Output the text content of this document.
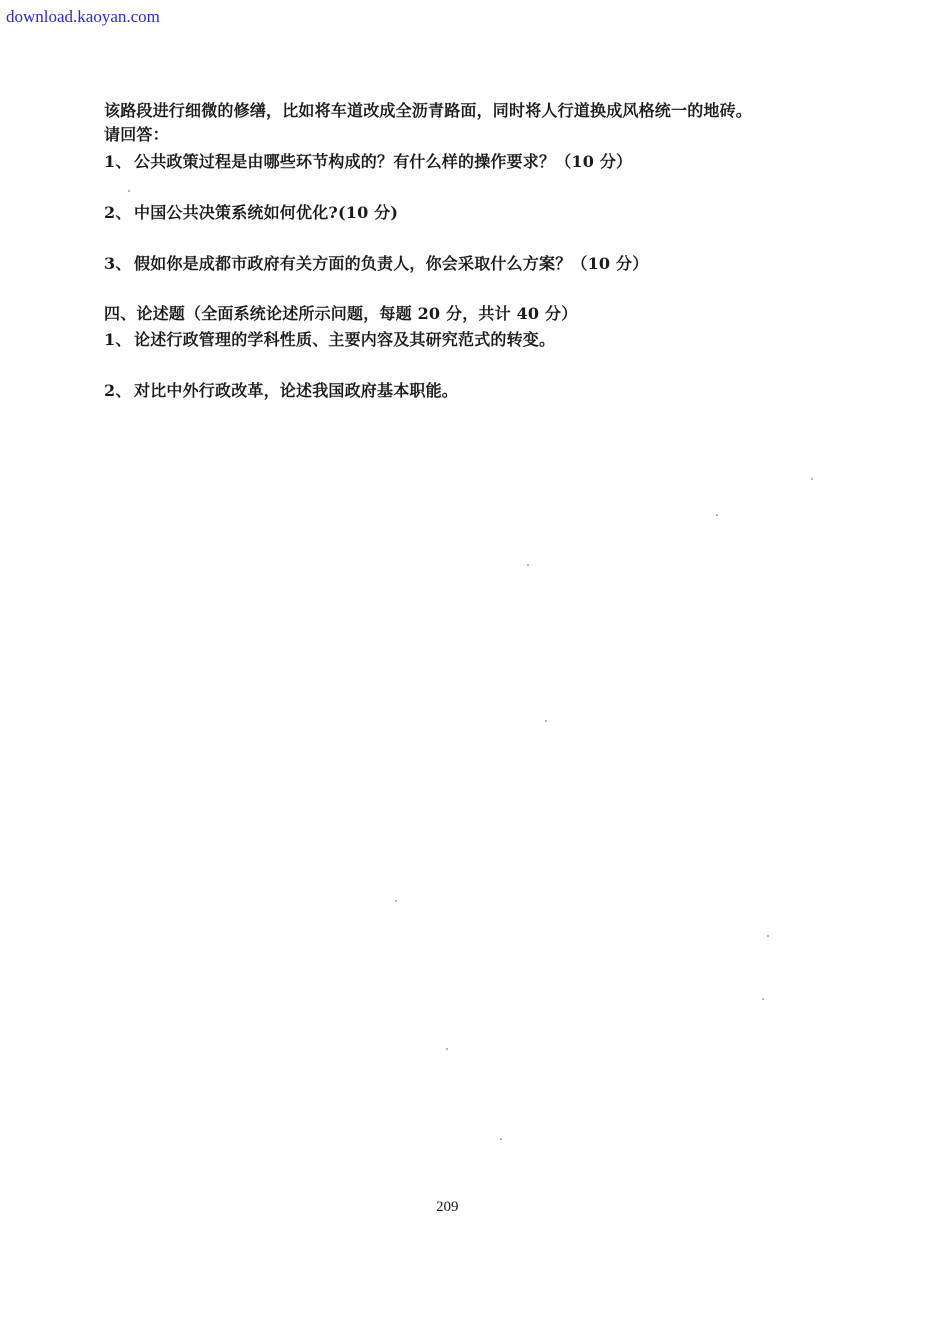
download.kaoyan.com
该路段进行细微的修缮，比如将车道改成全沥青路面，同时将人行道换成风格统一的地砖。
请回答：
1、 公共政策过程是由哪些环节构成的？有什么样的操作要求？（10 分）
2、 中国公共决策系统如何优化?(10 分)
3、 假如你是成都市政府有关方面的负责人，你会采取什么方案？（10 分）
四、论述题（全面系统论述所示问题，每题 20 分，共计 40 分）
1、 论述行政管理的学科性质、主要内容及其研究范式的转变。
2、 对比中外行政改革，论述我国政府基本职能。
209
